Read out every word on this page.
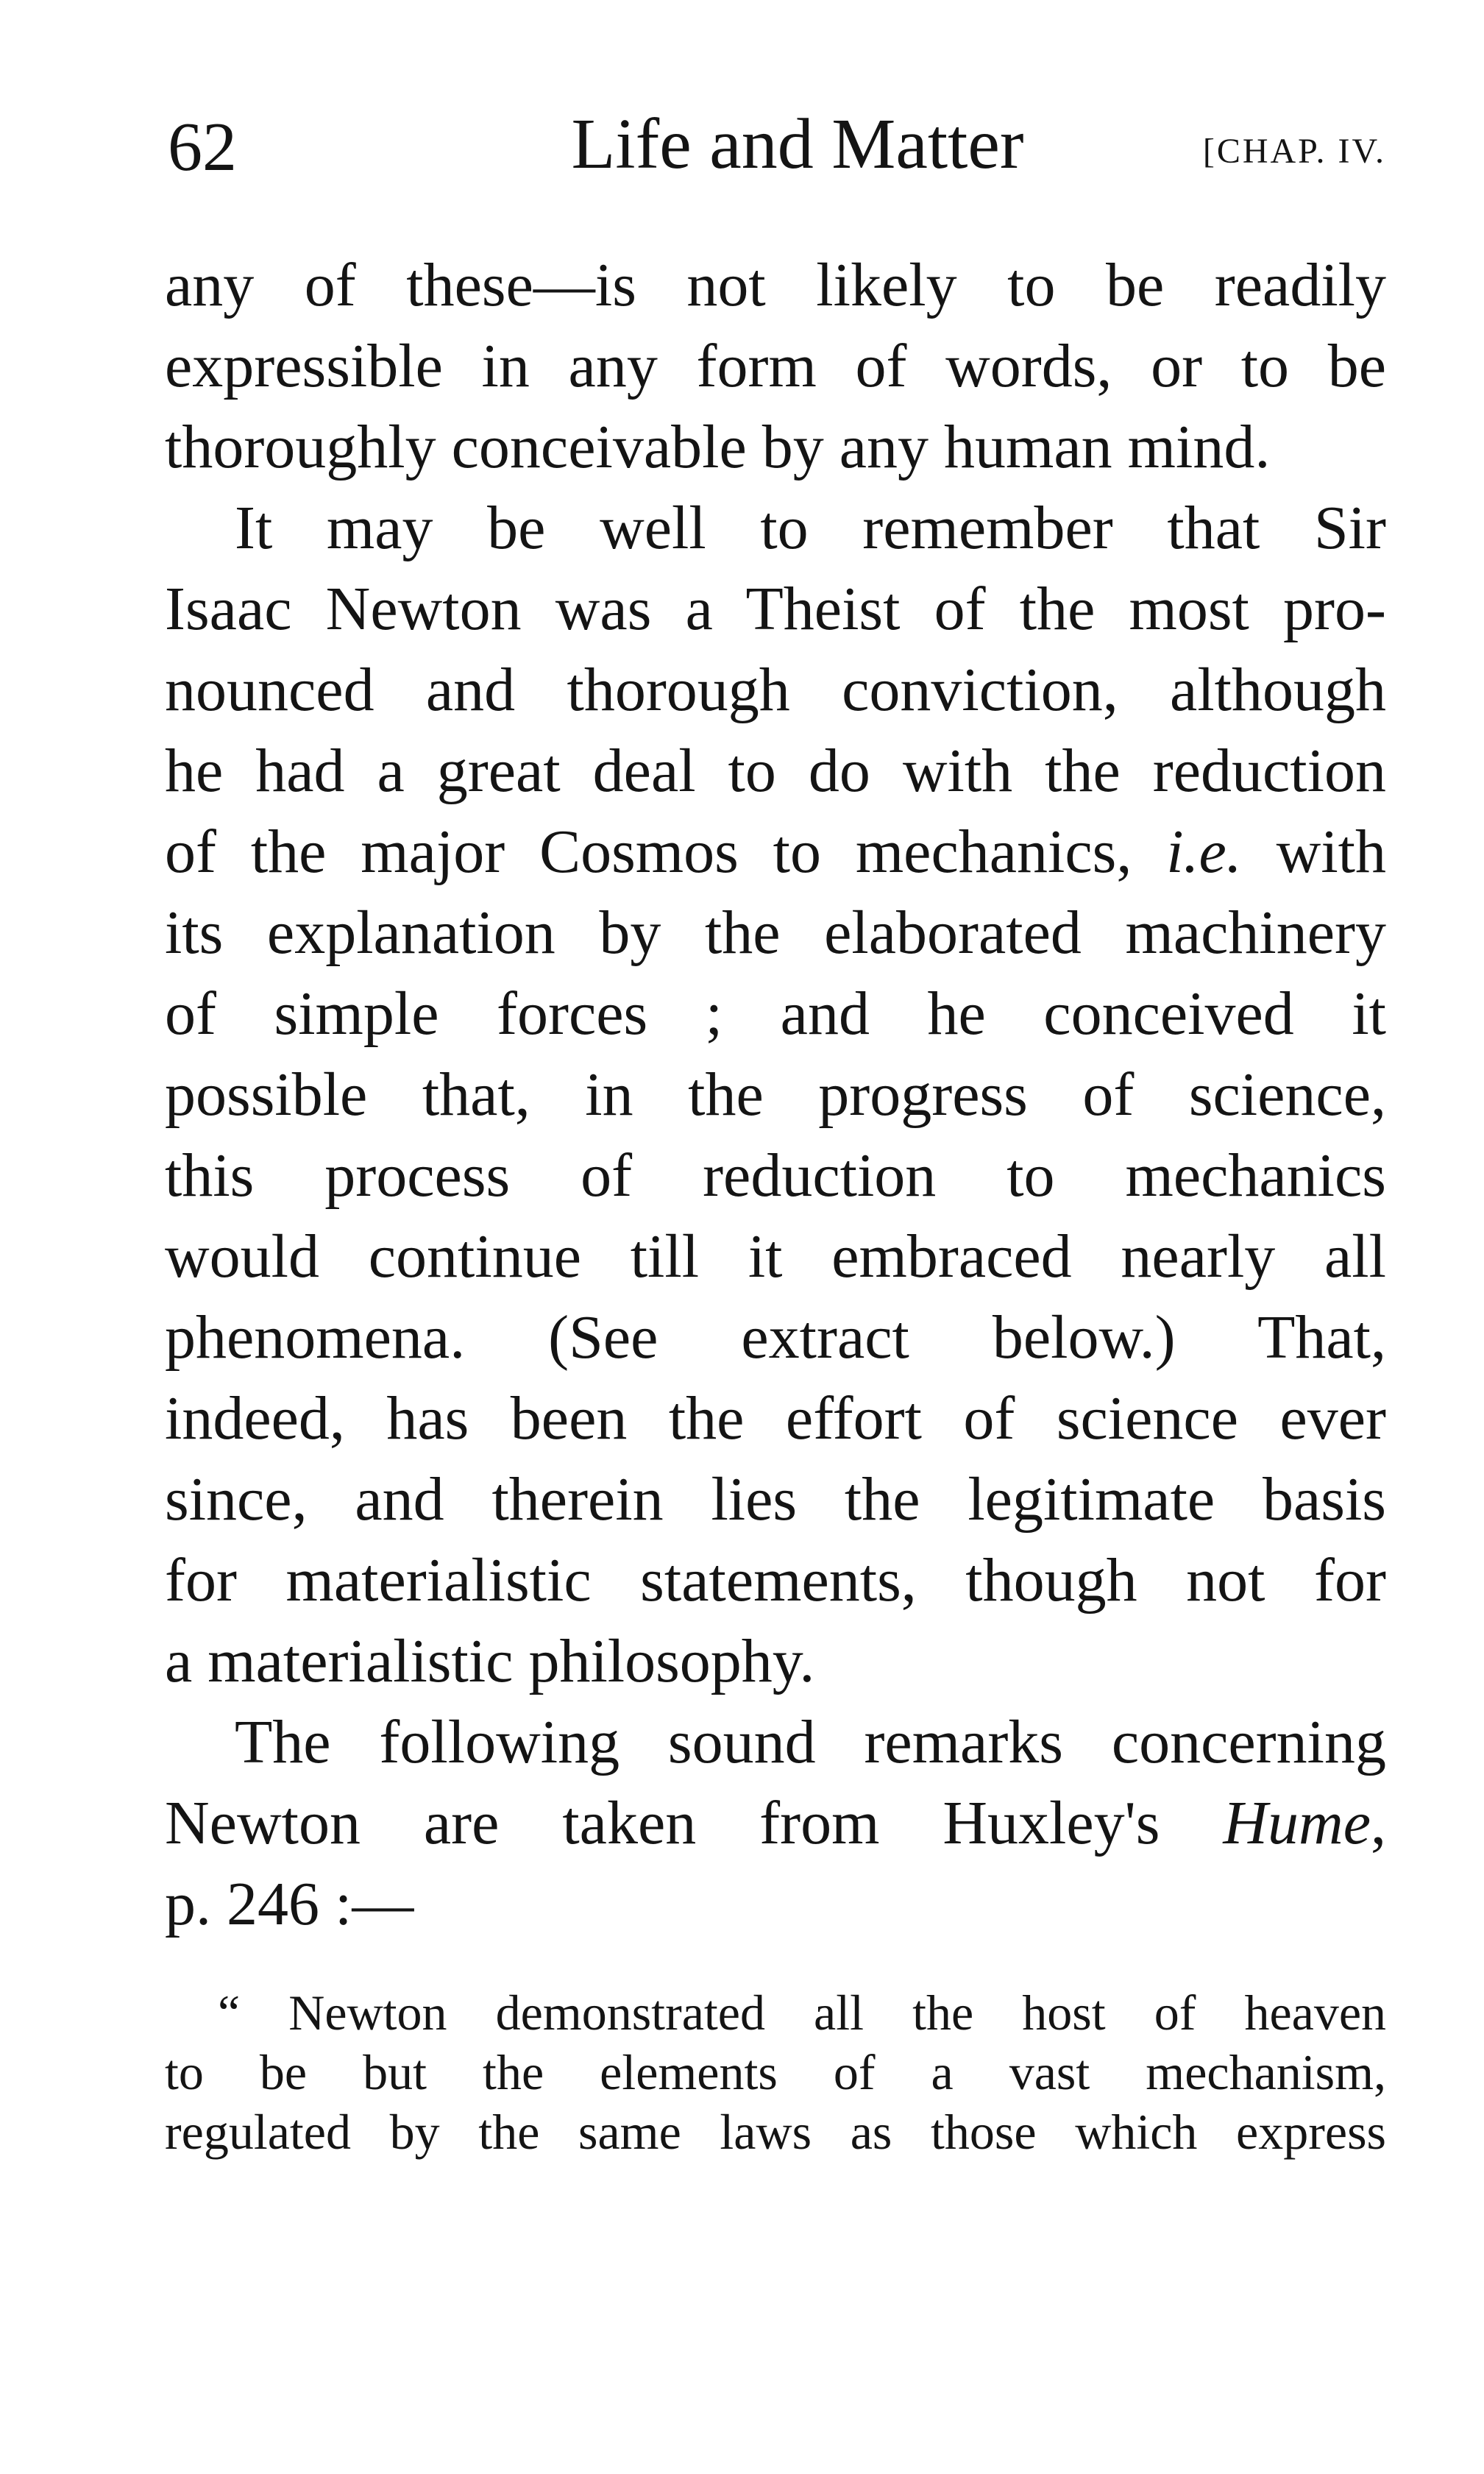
62	Life and Matter	[CHAP. IV.
any of these—is not likely to be readily
expressible in any form of words, or to be
thoroughly conceivable by any human mind.
It may be well to remember that Sir
Isaac Newton was a Theist of the most pro-
nounced and thorough conviction, although
he had a great deal to do with the reduction
of the major Cosmos to mechanics, i.e. with
its explanation by the elaborated machinery
of simple forces ; and he conceived it
possible that, in the progress of science,
this process of reduction to mechanics
would continue till it embraced nearly all
phenomena. (See extract below.) That,
indeed, has been the effort of science ever
since, and therein lies the legitimate basis
for materialistic statements, though not for
a materialistic philosophy.
The following sound remarks concerning
Newton are taken from Huxley's Hume,
p. 246 :—
“ Newton demonstrated all the host of heaven
to be but the elements of a vast mechanism,
regulated by the same laws as those which express
